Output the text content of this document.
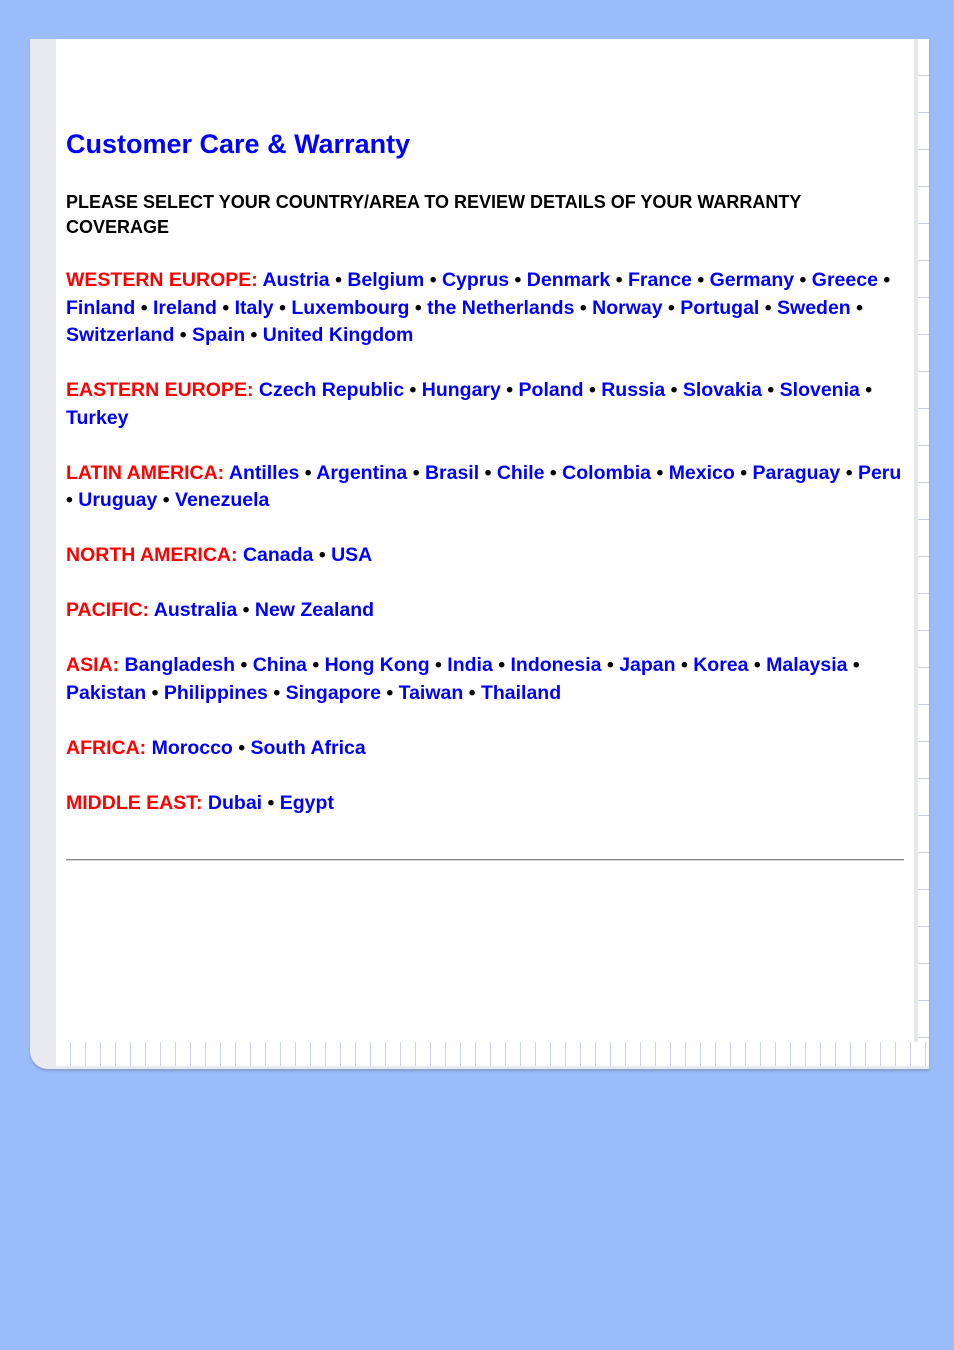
Customer Care & Warranty

PLEASE SELECT YOUR COUNTRY/AREA TO REVIEW DETAILS OF YOUR WARRANTY COVERAGE

WESTERN EUROPE: Austria • Belgium • Cyprus • Denmark • France • Germany • Greece • Finland • Ireland • Italy • Luxembourg • the Netherlands • Norway • Portugal • Sweden • Switzerland • Spain • United Kingdom

EASTERN EUROPE: Czech Republic • Hungary • Poland • Russia • Slovakia • Slovenia • Turkey

LATIN AMERICA: Antilles • Argentina • Brasil • Chile • Colombia • Mexico • Paraguay • Peru • Uruguay • Venezuela

NORTH AMERICA: Canada • USA

PACIFIC: Australia • New Zealand

ASIA: Bangladesh • China • Hong Kong • India • Indonesia • Japan • Korea • Malaysia • Pakistan • Philippines • Singapore • Taiwan • Thailand

AFRICA: Morocco • South Africa

MIDDLE EAST: Dubai • Egypt
